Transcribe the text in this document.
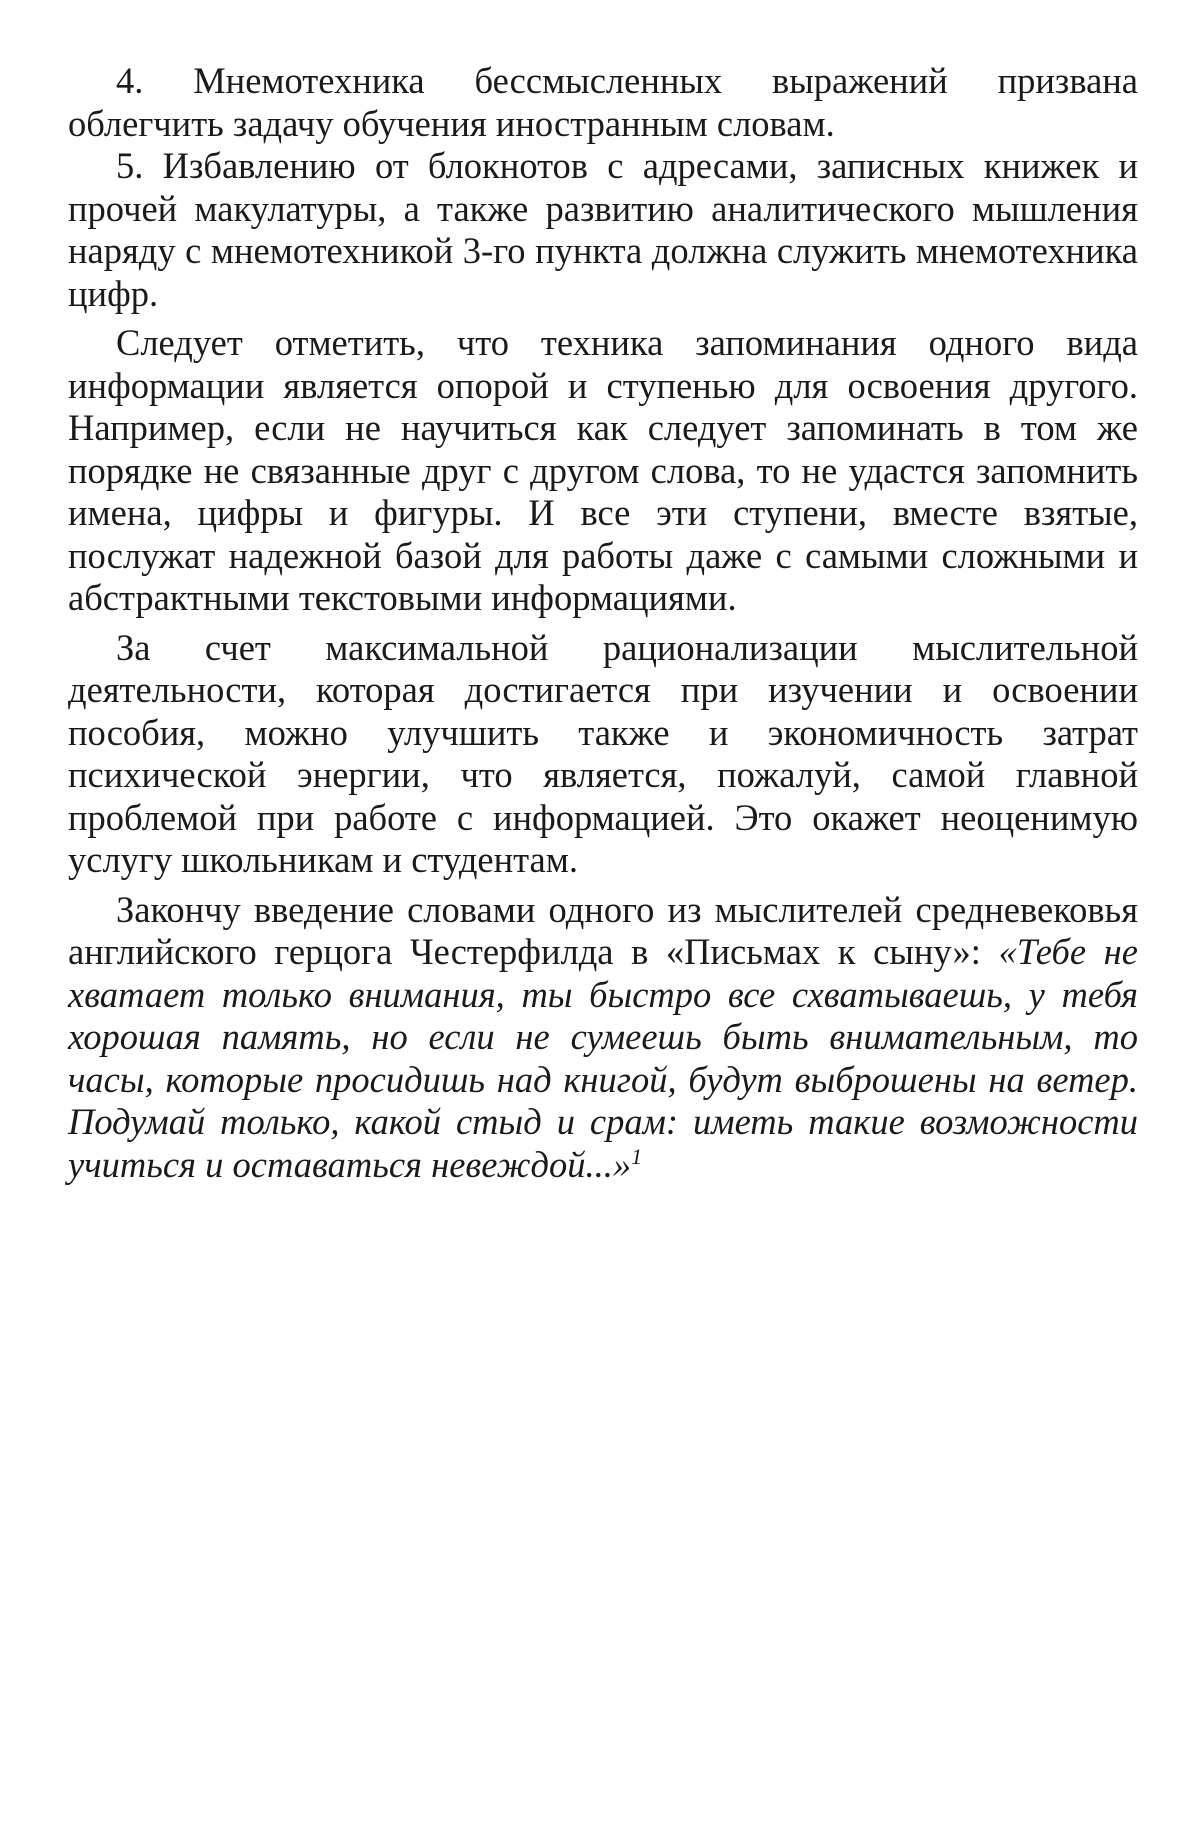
4. Мнемотехника бессмысленных выражений призвана облегчить задачу обучения иностранным словам.

5. Избавлению от блокнотов с адресами, записных книжек и прочей макулатуры, а также развитию аналитического мышления наряду с мнемотехникой 3-го пункта должна служить мнемотехника цифр.

Следует отметить, что техника запоминания одного вида информации является опорой и ступенью для освоения другого. Например, если не научиться как следует запоминать в том же порядке не связанные друг с другом слова, то не удастся запомнить имена, цифры и фигуры. И все эти ступени, вместе взятые, послужат надежной базой для работы даже с самыми сложными и абстрактными текстовыми информациями.

За счет максимальной рационализации мыслительной деятельности, которая достигается при изучении и освоении пособия, можно улучшить также и экономичность затрат психической энергии, что является, пожалуй, самой главной проблемой при работе с информацией. Это окажет неоценимую услугу школьникам и студентам.

Закончу введение словами одного из мыслителей средневековья английского герцога Честерфилда в «Письмах к сыну»: «Тебе не хватает только внимания, ты быстро все схватываешь, у тебя хорошая память, но если не сумеешь быть внимательным, то часы, которые просидишь над книгой, будут выброшены на ветер. Подумай только, какой стыд и срам: иметь такие возможности учиться и оставаться невеждой...»$^1$
